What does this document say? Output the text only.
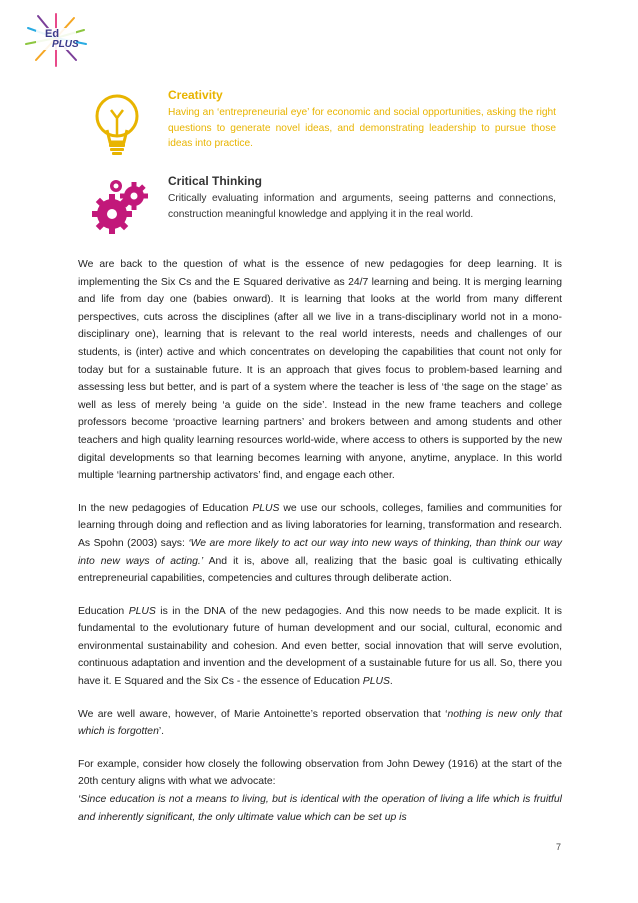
Ed
PLUS

Creativity

Having an ‘entrepreneurial eye’ for economic and social opportunities, asking the right questions to generate novel ideas, and demonstrating leadership to pursue those ideas into practice.

Critical Thinking

Critically evaluating information and arguments, seeing patterns and connections, construction meaningful knowledge and applying it in the real world.

We are back to the question of what is the essence of new pedagogies for deep learning. It is implementing the Six Cs and the E Squared derivative as 24/7 learning and being. It is merging learning and life from day one (babies onward). It is learning that looks at the world from many different perspectives, cuts across the disciplines (after all we live in a trans-disciplinary world not in a mono-disciplinary one), learning that is relevant to the real world interests, needs and challenges of our students, is (inter) active and which concentrates on developing the capabilities that count not only for today but for a sustainable future. It is an approach that gives focus to problem-based learning and assessing less but better, and is part of a system where the teacher is less of ‘the sage on the stage’ as well as less of merely being ‘a guide on the side’. Instead in the new frame teachers and college professors become ‘proactive learning partners’ and brokers between and among students and other teachers and high quality learning resources world-wide, where access to others is supported by the new digital developments so that learning becomes learning with anyone, anytime, anyplace. In this world multiple ‘learning partnership activators’ find, and engage each other.

In the new pedagogies of Education PLUS we use our schools, colleges, families and communities for learning through doing and reflection and as living laboratories for learning, transformation and research. As Spohn (2003) says: ‘We are more likely to act our way into new ways of thinking, than think our way into new ways of acting.’ And it is, above all, realizing that the basic goal is cultivating ethically entrepreneurial capabilities, competencies and cultures through deliberate action.

Education PLUS is in the DNA of the new pedagogies. And this now needs to be made explicit. It is fundamental to the evolutionary future of human development and our social, cultural, economic and environmental sustainability and cohesion. And even better, social innovation that will serve evolution, continuous adaptation and invention and the development of a sustainable future for us all. So, there you have it. E Squared and the Six Cs - the essence of Education PLUS.

We are well aware, however, of Marie Antoinette’s reported observation that ‘nothing is new only that which is forgotten’.

For example, consider how closely the following observation from John Dewey (1916) at the start of the 20th century aligns with what we advocate:

‘Since education is not a means to living, but is identical with the operation of living a life which is fruitful and inherently significant, the only ultimate value which can be set up is

7
